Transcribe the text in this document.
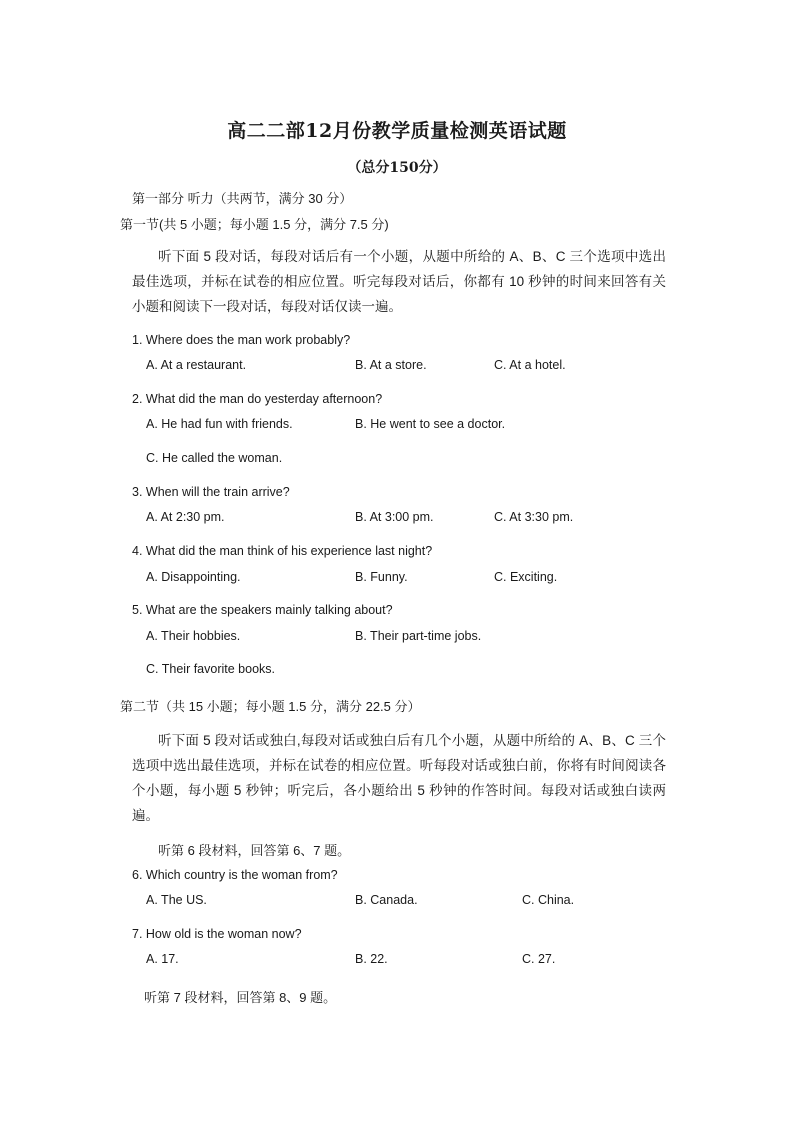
高二二部12月份教学质量检测英语试题
（总分150分）
第一部分 听力（共两节，满分 30 分）
第一节(共 5 小题；每小题 1.5 分，满分 7.5 分)
听下面 5 段对话，每段对话后有一个小题，从题中所给的 A、B、C 三个选项中选出最佳选项，并标在试卷的相应位置。听完每段对话后，你都有 10 秒钟的时间来回答有关小题和阅读下一段对话，每段对话仅读一遍。
1. Where does the man work probably?
A. At a restaurant.	B. At a store.	C. At a hotel.
2. What did the man do yesterday afternoon?
A. He had fun with friends.	B. He went to see a doctor.
C. He called the woman.
3. When will the train arrive?
A. At 2:30 pm.	B. At 3:00 pm.	C. At 3:30 pm.
4. What did the man think of his experience last night?
A. Disappointing.	B. Funny.	C. Exciting.
5. What are the speakers mainly talking about?
A. Their hobbies.	B. Their part-time jobs.
C. Their favorite books.
第二节（共 15 小题；每小题 1.5 分，满分 22.5 分）
听下面 5 段对话或独白,每段对话或独白后有几个小题，从题中所给的 A、B、C 三个选项中选出最佳选项，并标在试卷的相应位置。听每段对话或独白前，你将有时间阅读各个小题，每小题 5 秒钟；听完后，各小题给出 5 秒钟的作答时间。每段对话或独白读两遍。
听第 6 段材料，回答第 6、7 题。
6. Which country is the woman from?
A. The US.	B. Canada.	C. China.
7. How old is the woman now?
A. 17.	B. 22.	C. 27.
听第 7 段材料，回答第 8、9 题。
